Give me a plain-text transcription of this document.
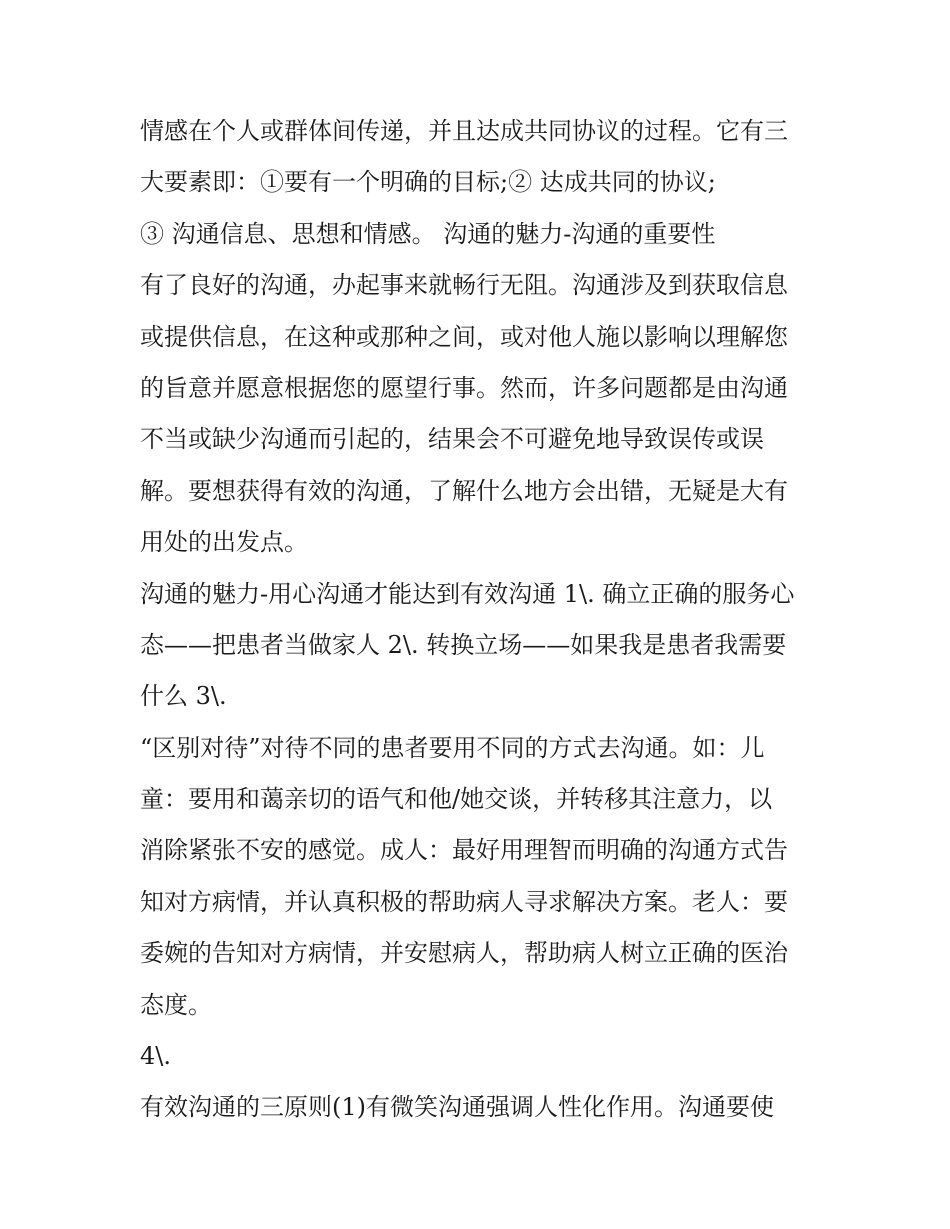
情感在个人或群体间传递，并且达成共同协议的过程。它有三
大要素即：①要有一个明确的目标;② 达成共同的协议;
③ 沟通信息、思想和情感。 沟通的魅力-沟通的重要性
有了良好的沟通，办起事来就畅行无阻。沟通涉及到获取信息
或提供信息，在这种或那种之间，或对他人施以影响以理解您
的旨意并愿意根据您的愿望行事。然而，许多问题都是由沟通
不当或缺少沟通而引起的，结果会不可避免地导致误传或误
解。要想获得有效的沟通，了解什么地方会出错，无疑是大有
用处的出发点。
沟通的魅力-用心沟通才能达到有效沟通 1\. 确立正确的服务心
态——把患者当做家人 2\. 转换立场——如果我是患者我需要
什么 3\.
“区别对待”对待不同的患者要用不同的方式去沟通。如：儿
童：要用和蔼亲切的语气和他/她交谈，并转移其注意力，以
消除紧张不安的感觉。成人：最好用理智而明确的沟通方式告
知对方病情，并认真积极的帮助病人寻求解决方案。老人：要
委婉的告知对方病情，并安慰病人，帮助病人树立正确的医治
态度。
4\.
有效沟通的三原则(1)有微笑沟通强调人性化作用。沟通要使
